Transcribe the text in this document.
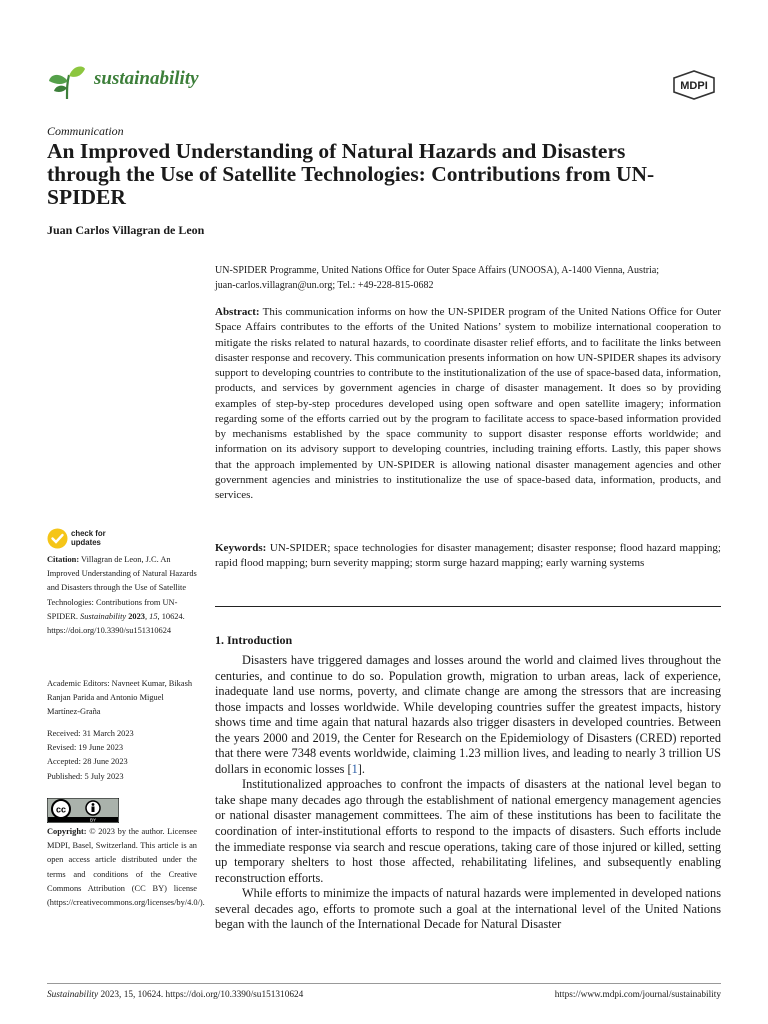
sustainability	MDPI
Communication
An Improved Understanding of Natural Hazards and Disasters through the Use of Satellite Technologies: Contributions from UN-SPIDER
Juan Carlos Villagran de Leon
UN-SPIDER Programme, United Nations Office for Outer Space Affairs (UNOOSA), A-1400 Vienna, Austria;
juan-carlos.villagran@un.org; Tel.: +49-228-815-0682
Abstract: This communication informs on how the UN-SPIDER program of the United Nations Office for Outer Space Affairs contributes to the efforts of the United Nations’ system to mobilize international cooperation to mitigate the risks related to natural hazards, to coordinate disaster relief efforts, and to facilitate the links between disaster response and recovery. This communication presents information on how UN-SPIDER shapes its advisory support to developing countries to contribute to the institutionalization of the use of space-based data, information, products, and services by government agencies in charge of disaster management. It does so by providing examples of step-by-step procedures developed using open software and open satellite imagery; information regarding some of the efforts carried out by the program to facilitate access to space-based information provided by mechanisms established by the space community to support disaster response efforts worldwide; and information on its advisory support to developing countries, including training efforts. Lastly, this paper shows that the approach implemented by UN-SPIDER is allowing national disaster management agencies and other government agencies and ministries to institutionalize the use of space-based data, information, products, and services.
Keywords: UN-SPIDER; space technologies for disaster management; disaster response; flood hazard mapping; rapid flood mapping; burn severity mapping; storm surge hazard mapping; early warning systems
1. Introduction

Disasters have triggered damages and losses around the world and claimed lives throughout the centuries, and continue to do so. Population growth, migration to urban areas, lack of experience, inadequate land use norms, poverty, and climate change are among the stressors that are increasing those impacts and losses worldwide. While developing countries suffer the greatest impacts, history shows time and time again that natural hazards also trigger disasters in developed countries. Between the years 2000 and 2019, the Center for Research on the Epidemiology of Disasters (CRED) reported that there were 7348 events worldwide, claiming 1.23 million lives, and leading to nearly 3 trillion US dollars in economic losses [1].

Institutionalized approaches to confront the impacts of disasters at the national level began to take shape many decades ago through the establishment of national emergency management agencies or national disaster management committees. The aim of these institutions has been to facilitate the coordination of inter-institutional efforts to respond to the impacts of disasters. Such efforts include the immediate response via search and rescue operations, taking care of those injured or killed, setting up temporary shelters to host those affected, rehabilitating lifelines, and subsequently enabling reconstruction efforts.

While efforts to minimize the impacts of natural hazards were implemented in developed nations several decades ago, efforts to promote such a goal at the international level of the United Nations began with the launch of the International Decade for Natural Disaster

check for
updates
Citation: Villagran de Leon, J.C. An Improved Understanding of Natural Hazards and Disasters through the Use of Satellite Technologies: Contributions from UN-SPIDER. Sustainability 2023, 15, 10624.
https://doi.org/10.3390/su151310624
Academic Editors: Navneet Kumar, Bikash Ranjan Parida and Antonio Miguel Martínez-Graña
Received: 31 March 2023
Revised: 19 June 2023
Accepted: 28 June 2023
Published: 5 July 2023
cc
BY
Copyright: © 2023 by the author. Licensee MDPI, Basel, Switzerland. This article is an open access article distributed under the terms and conditions of the Creative Commons Attribution (CC BY) license (https://creativecommons.org/licenses/by/4.0/).
Sustainability 2023, 15, 10624. https://doi.org/10.3390/su151310624	https://www.mdpi.com/journal/sustainability
